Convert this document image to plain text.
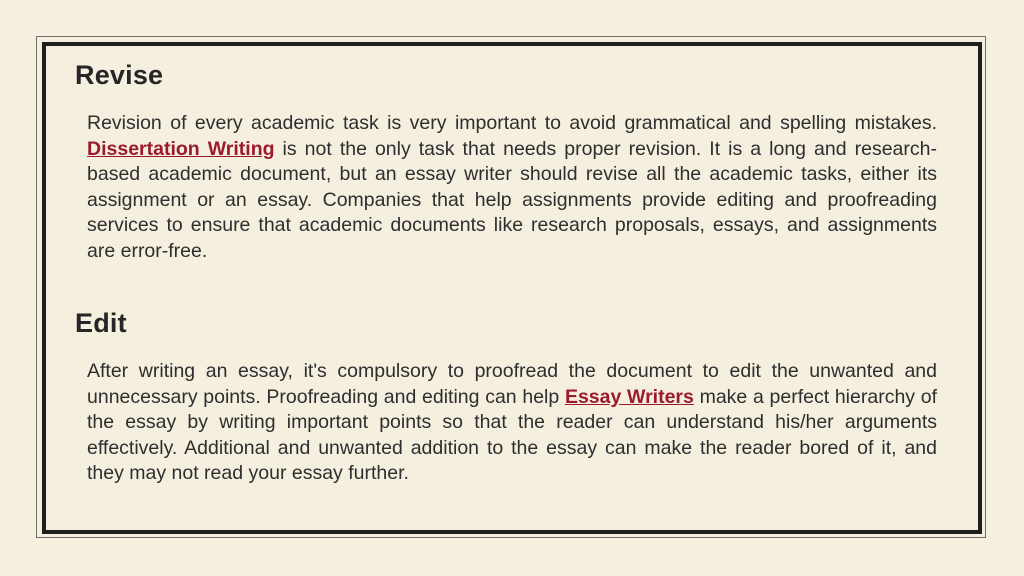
Revise

Revision of every academic task is very important to avoid grammatical and spelling mistakes. Dissertation Writing is not the only task that needs proper revision. It is a long and research-based academic document, but an essay writer should revise all the academic tasks, either its assignment or an essay. Companies that help assignments provide editing and proofreading services to ensure that academic documents like research proposals, essays, and assignments are error-free.

Edit

After writing an essay, it's compulsory to proofread the document to edit the unwanted and unnecessary points. Proofreading and editing can help Essay Writers make a perfect hierarchy of the essay by writing important points so that the reader can understand his/her arguments effectively. Additional and unwanted addition to the essay can make the reader bored of it, and they may not read your essay further.
